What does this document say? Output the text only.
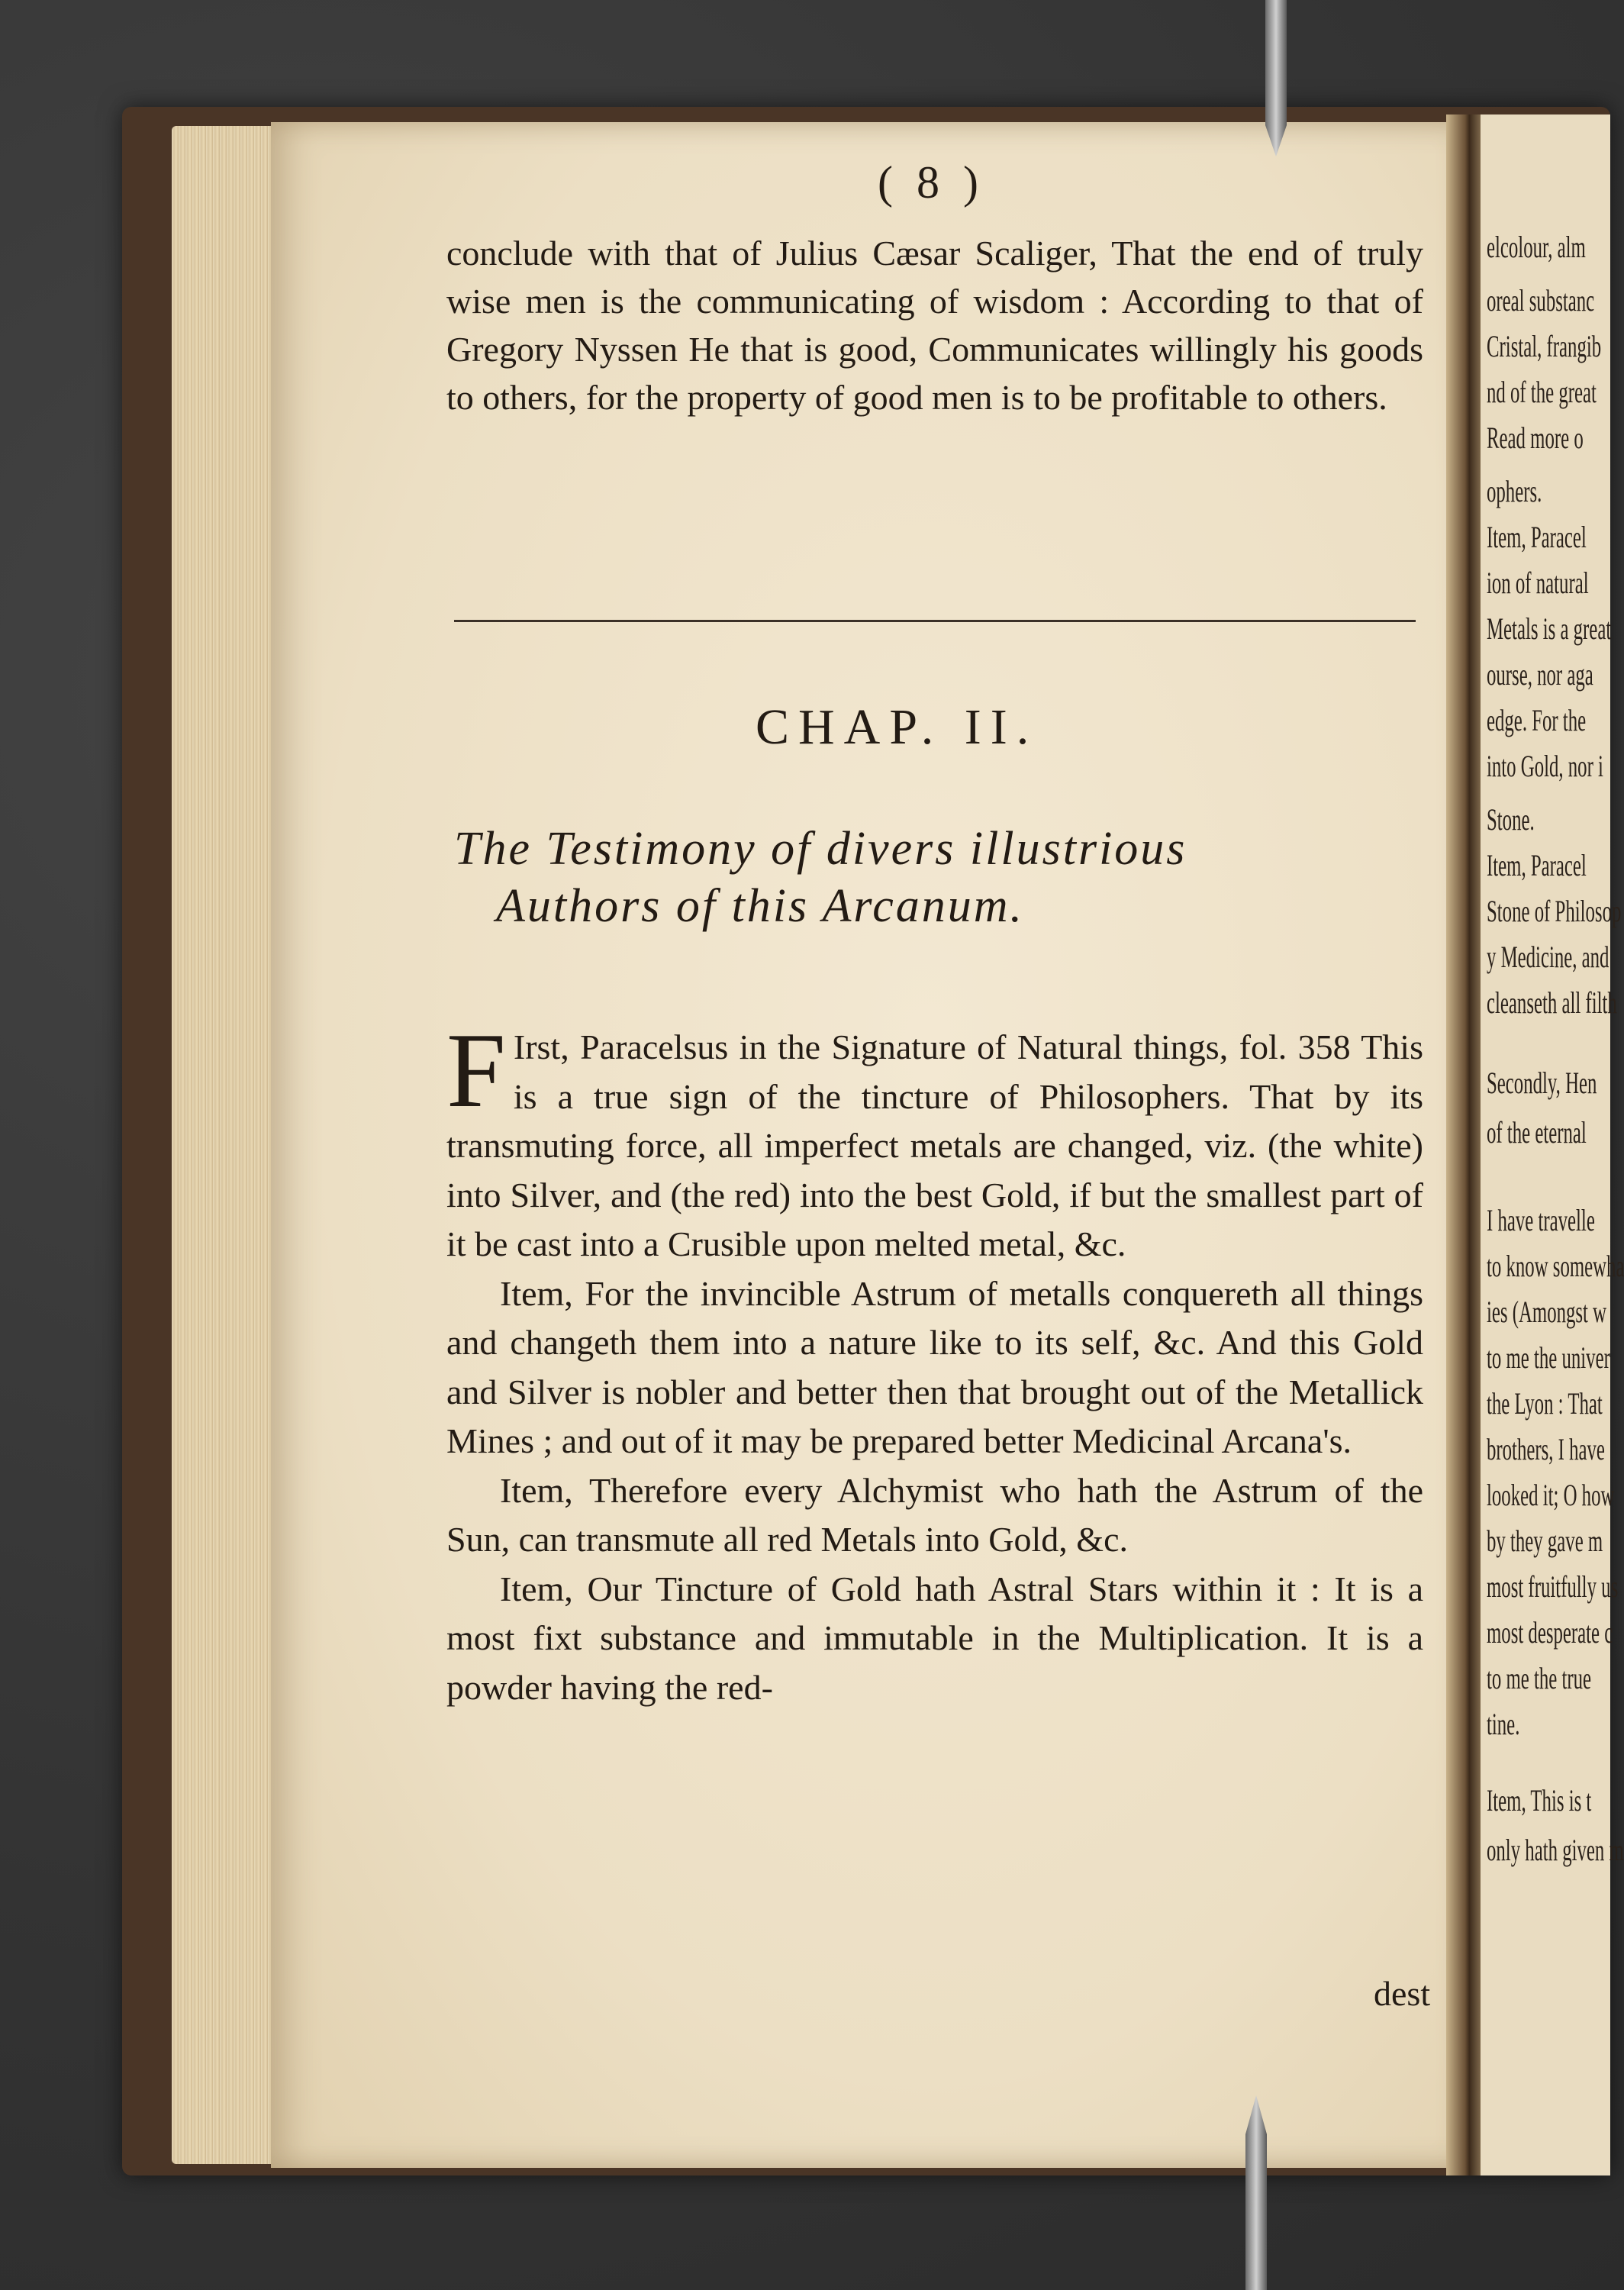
( 8 )
conclude with that of Julius Cæsar Scaliger, That the end of truly wise men is the communicating of wisdom : According to that of Gregory Nyssen He that is good, Communicates willingly his goods to others, for the property of good men is to be profitable to others.
CHAP. II.
The Testimony of divers illustrious
Authors of this Arcanum.

F Irst, Paracelsus in the Signature of Natural things, fol. 358 This is a true sign of the tincture of Philosophers. That by its transmuting force, all imperfect metals are changed, viz. (the white) into Silver, and (the red) into the best Gold, if but the smallest part of it be cast into a Crusible upon melted metal, &c.

Item, For the invincible Astrum of metalls conquereth all things and changeth them into a nature like to its self, &c. And this Gold and Silver is nobler and better then that brought out of the Metallick Mines ; and out of it may be prepared better Medicinal Arcana's.

Item, Therefore every Alchymist who hath the Astrum of the Sun, can transmute all red Metals into Gold, &c.

Item, Our Tincture of Gold hath Astral Stars within it : It is a most fixt substance and immutable in the Multiplication. It is a powder having the red-

dest
elcolour, alm
oreal substanc
Cristal, frangib
nd of the great
Read more o
ophers.
Item, Paracel
ion of natural
Metals is a great
ourse, nor aga
edge. For the
into Gold, nor i
Stone.
Item, Paracel
Stone of Philosop
y Medicine, and
cleanseth all filth
Secondly, Hen
of the eternal
I have travelle
to know somewha
ies (Amongst w
to me the univer
the Lyon : That
brothers, I have
looked it; O how
by they gave m
most fruitfully us
most desperate c
to me the true
tine.
Item, This is t
only hath given m
